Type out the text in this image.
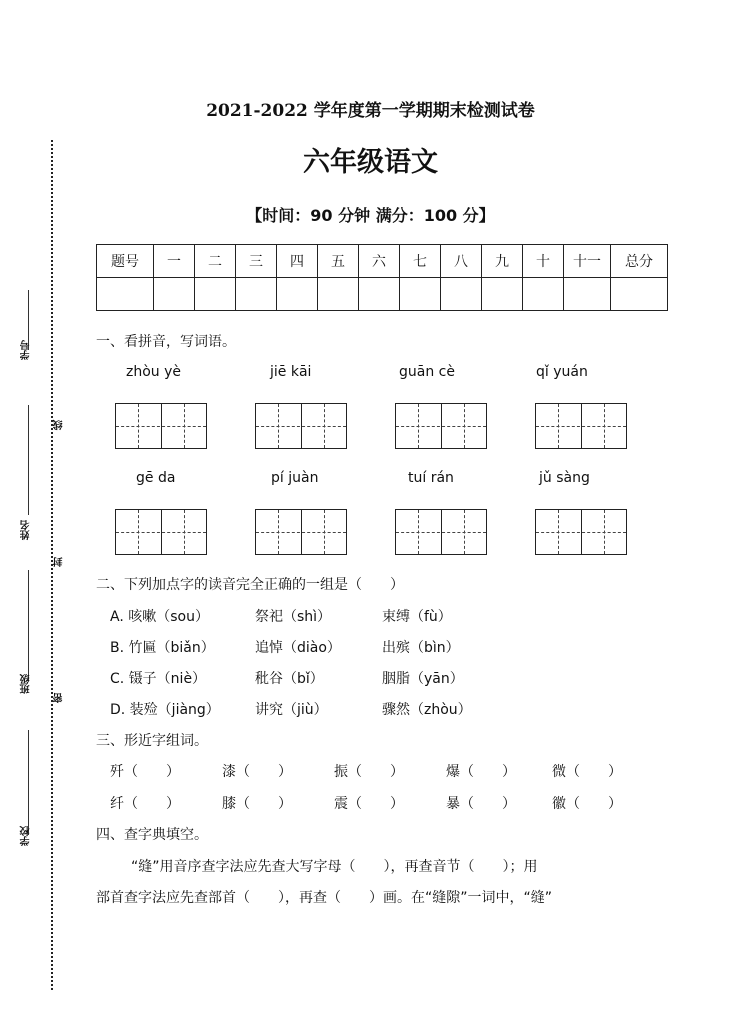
学号
姓名
班级
学校
线
封
密
2021-2022 学年度第一学期期末检测试卷
六年级语文
【时间：90 分钟 满分：100 分】
题号	一	二	三	四	五	六	七	八	九	十	十一	总分

一、看拼音，写词语。
zhòu yè	jiē kāi	guān cè	qǐ yuán
gē da	pí juàn	tuí rán	jǔ sàng
二、下列加点字的读音完全正确的一组是（　　）
A. 咳嗽（sou）	祭祀（shì）	束缚（fù）
B. 竹匾（biǎn）	追悼（diào）	出殡（bìn）
C. 镊子（niè）	秕谷（bǐ）	胭脂（yān）
D. 装殓（jiàng）	讲究（jiù）	骤然（zhòu）
三、形近字组词。
歼（　　）	漆（　　）	振（　　）	爆（　　）	微（　　）
纤（　　）	膝（　　）	震（　　）	暴（　　）	徽（　　）
四、查字典填空。
“缝”用音序查字法应先查大写字母（　　），再查音节（　　）；用
部首查字法应先查部首（　　），再查（　　）画。在“缝隙”一词中，“缝”
